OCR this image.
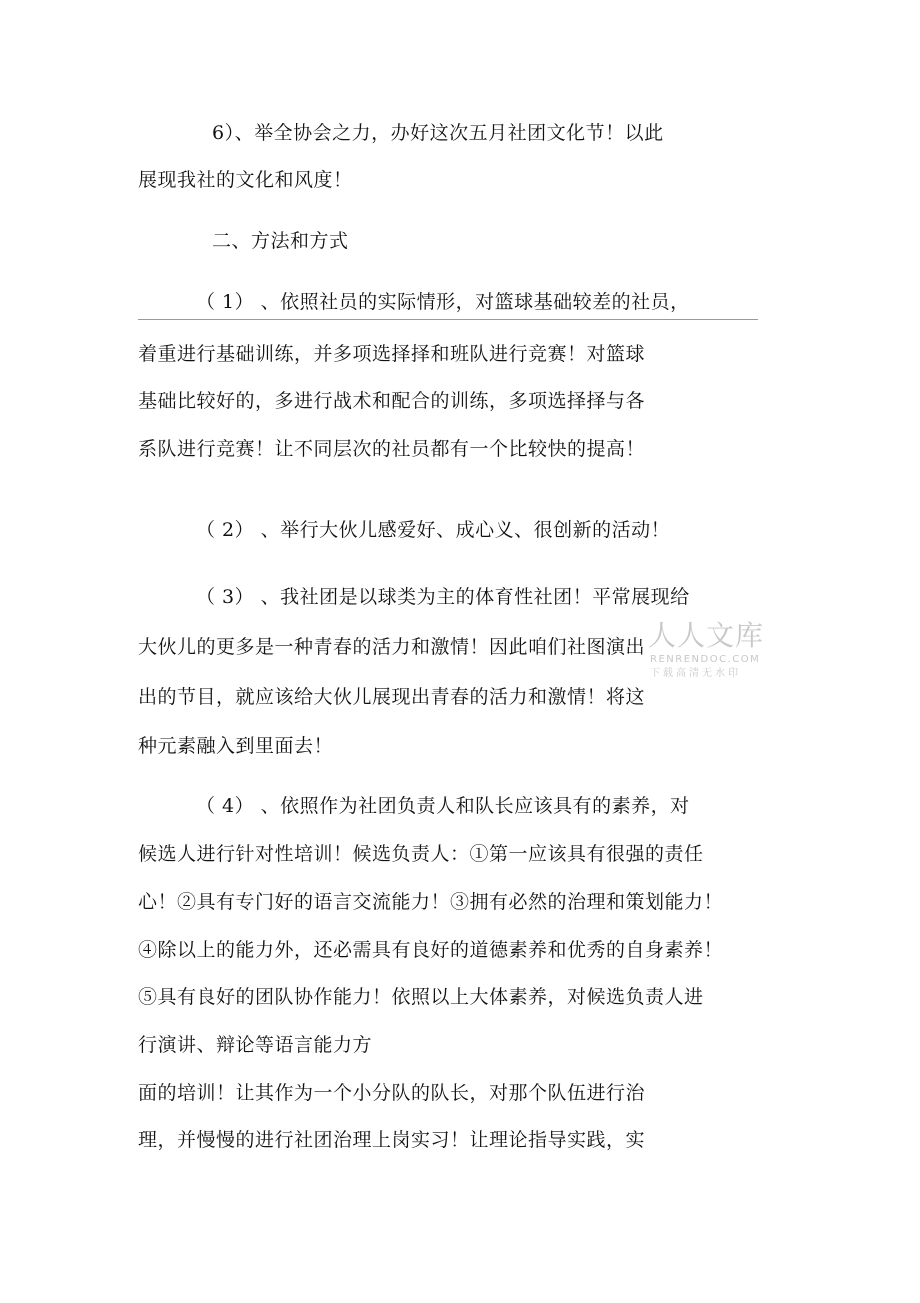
6）、举全协会之力，办好这次五月社团文化节！以此
展现我社的文化和风度！
二、方法和方式
（ 1） 、依照社员的实际情形，对篮球基础较差的社员，
着重进行基础训练，并多项选择择和班队进行竞赛！对篮球
基础比较好的，多进行战术和配合的训练，多项选择择与各
系队进行竞赛！让不同层次的社员都有一个比较快的提高！
（ 2） 、举行大伙儿感爱好、成心义、很创新的活动！
（ 3） 、我社团是以球类为主的体育性社团！平常展现给
大伙儿的更多是一种青春的活力和激情！因此咱们社图演出
出的节目，就应该给大伙儿展现出青春的活力和激情！将这
种元素融入到里面去！
（ 4） 、依照作为社团负责人和队长应该具有的素养，对
候选人进行针对性培训！候选负责人：①第一应该具有很强的责任
心！②具有专门好的语言交流能力！③拥有必然的治理和策划能力！
④除以上的能力外，还必需具有良好的道德素养和优秀的自身素养！
⑤具有良好的团队协作能力！依照以上大体素养，对候选负责人进
行演讲、辩论等语言能力方
面的培训！让其作为一个小分队的队长，对那个队伍进行治
理，并慢慢的进行社团治理上岗实习！让理论指导实践，实
人人文库
RENRENDOC.COM
下载高清无水印
